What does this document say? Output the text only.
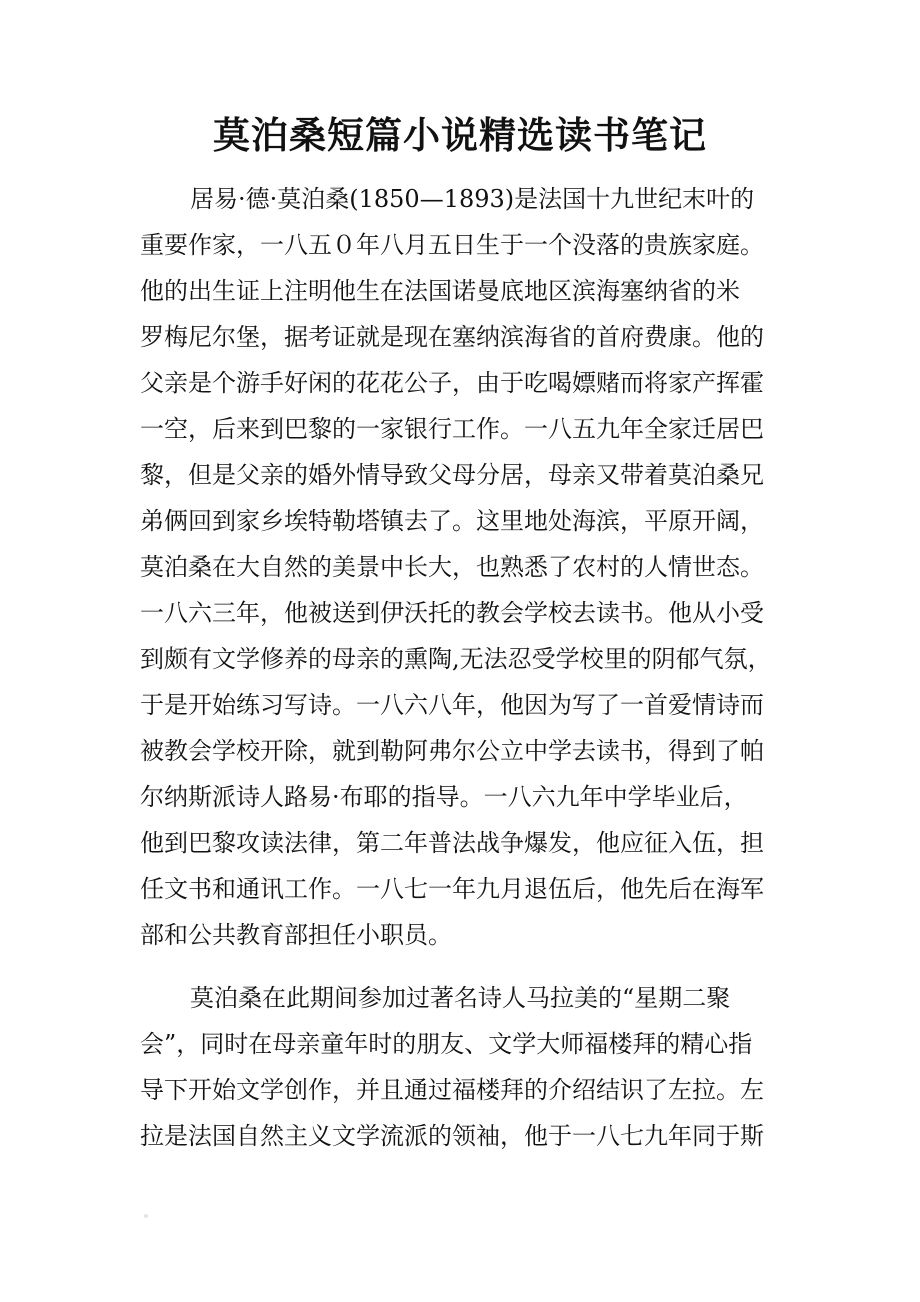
莫泊桑短篇小说精选读书笔记
居易·德·莫泊桑(1850—1893)是法国十九世纪末叶的
重要作家，一八五０年八月五日生于一个没落的贵族家庭。
他的出生证上注明他生在法国诺曼底地区滨海塞纳省的米
罗梅尼尔堡，据考证就是现在塞纳滨海省的首府费康。他的
父亲是个游手好闲的花花公子，由于吃喝嫖赌而将家产挥霍
一空，后来到巴黎的一家银行工作。一八五九年全家迁居巴
黎，但是父亲的婚外情导致父母分居，母亲又带着莫泊桑兄
弟俩回到家乡埃特勒塔镇去了。这里地处海滨，平原开阔，
莫泊桑在大自然的美景中长大，也熟悉了农村的人情世态。
一八六三年，他被送到伊沃托的教会学校去读书。他从小受
到颇有文学修养的母亲的熏陶,无法忍受学校里的阴郁气氛，
于是开始练习写诗。一八六八年，他因为写了一首爱情诗而
被教会学校开除，就到勒阿弗尔公立中学去读书，得到了帕
尔纳斯派诗人路易·布耶的指导。一八六九年中学毕业后，
他到巴黎攻读法律，第二年普法战争爆发，他应征入伍，担
任文书和通讯工作。一八七一年九月退伍后，他先后在海军
部和公共教育部担任小职员。
莫泊桑在此期间参加过著名诗人马拉美的“星期二聚
会”，同时在母亲童年时的朋友、文学大师福楼拜的精心指
导下开始文学创作，并且通过福楼拜的介绍结识了左拉。左
拉是法国自然主义文学流派的领袖，他于一八七九年同于斯
